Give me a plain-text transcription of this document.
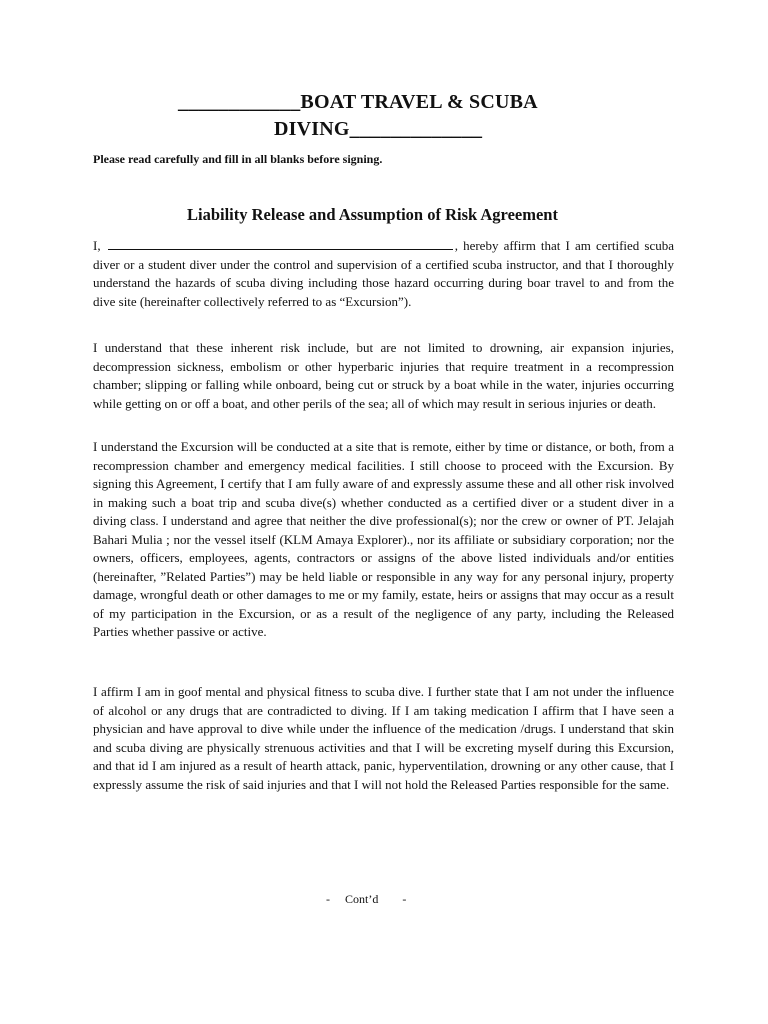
____________BOAT TRAVEL & SCUBA
DIVING_____________
Please read carefully and fill in all blanks before signing.
Liability Release and Assumption of Risk Agreement
I,	, hereby affirm that I am certified scuba diver or a student diver under the control and supervision of a certified scuba instructor, and that I thoroughly understand the hazards of scuba diving including those hazard occurring during boar travel to and from the dive site (hereinafter collectively referred to as “Excursion”).
I understand that these inherent risk include, but are not limited to drowning, air expansion injuries, decompression sickness, embolism or other hyperbaric injuries that require treatment in a recompression chamber; slipping or falling while onboard, being cut or struck by a boat while in the water, injuries occurring while getting on or off a boat, and other perils of the sea; all of which may result in serious injuries or death.
I understand the Excursion will be conducted at a site that is remote, either by time or distance, or both, from a recompression chamber and emergency medical facilities. I still choose to proceed with the Excursion. By signing this Agreement, I certify that I am fully aware of and expressly assume these and all other risk involved in making such a boat trip and scuba dive(s) whether conducted as a certified diver or a student diver in a diving class. I understand and agree that neither the dive professional(s); nor the crew or owner of PT. Jelajah Bahari Mulia ; nor the vessel itself (KLM Amaya Explorer)., nor its affiliate or subsidiary corporation; nor the owners, officers, employees, agents, contractors or assigns of the above listed individuals and/or entities (hereinafter, ”Related Parties”) may be held liable or responsible in any way for any personal injury, property damage, wrongful death or other damages to me or my family, estate, heirs or assigns that may occur as a result of my participation in the Excursion, or as a result of the negligence of any party, including the Released Parties whether passive or active.
I affirm I am in goof mental and physical fitness to scuba dive. I further state that I am not under the influence of alcohol or any drugs that are contradicted to diving. If I am taking medication I affirm that I have seen a physician and have approval to dive while under the influence of the medication /drugs. I understand that skin and scuba diving are physically strenuous activities and that I will be excreting myself during this Excursion, and that id I am injured as a result of hearth attack, panic, hyperventilation, drowning or any other cause, that I expressly assume the risk of said injuries and that I will not hold the Released Parties responsible for the same.
-     Cont’d        -
